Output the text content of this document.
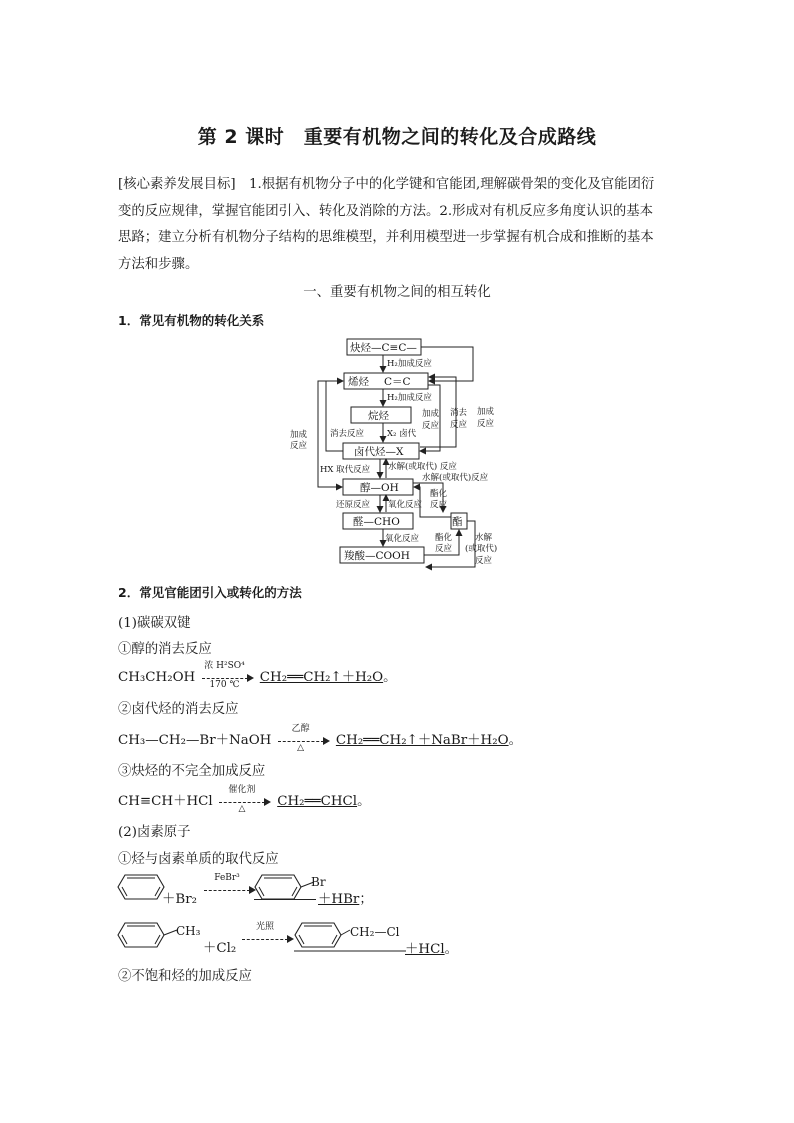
第 2 课时　重要有机物之间的转化及合成路线
[核心素养发展目标]　1.根据有机物分子中的化学键和官能团,理解碳骨架的变化及官能团衍
变的反应规律，掌握官能团引入、转化及消除的方法。2.形成对有机反应多角度认识的基本
思路；建立分析有机物分子结构的思维模型，并利用模型进一步掌握有机合成和推断的基本
方法和步骤。
一、重要有机物之间的相互转化
1．常见有机物的转化关系
炔烃—C≡C—
烯烃 C＝C
烷烃
卤代烃—X
醇—OH
醛—CHO
羧酸—COOH
酯
H₂加成反应
H₂加成反应
X₂ 卤代
消去反应
加成
反应
加成
反应
消去
反应
加成
反应
HX 取代反应 水解(或取代) 反应
水解(或取代)反应
还原反应 氧化反应
氧化反应
酯化
反应
酯化
反应
水解
(或取代)
反应
2．常见官能团引入或转化的方法
(1)碳碳双键
①醇的消去反应
CH₃CH₂OH
浓 H²SO⁴
170 ℃	CH₂══CH₂↑＋H₂O。
②卤代烃的消去反应
CH₃—CH₂—Br＋NaOH
乙醇
△	CH₂══CH₂↑＋NaBr＋H₂O。
③炔烃的不完全加成反应
CH≡CH＋HCl
催化剂
△	CH₂══CHCl。
(2)卤素原子
①烃与卤素单质的取代反应
＋Br₂
FeBr³	Br
＋HBr；
CH₃
＋Cl₂
光照	CH₂—Cl
＋HCl。
②不饱和烃的加成反应
